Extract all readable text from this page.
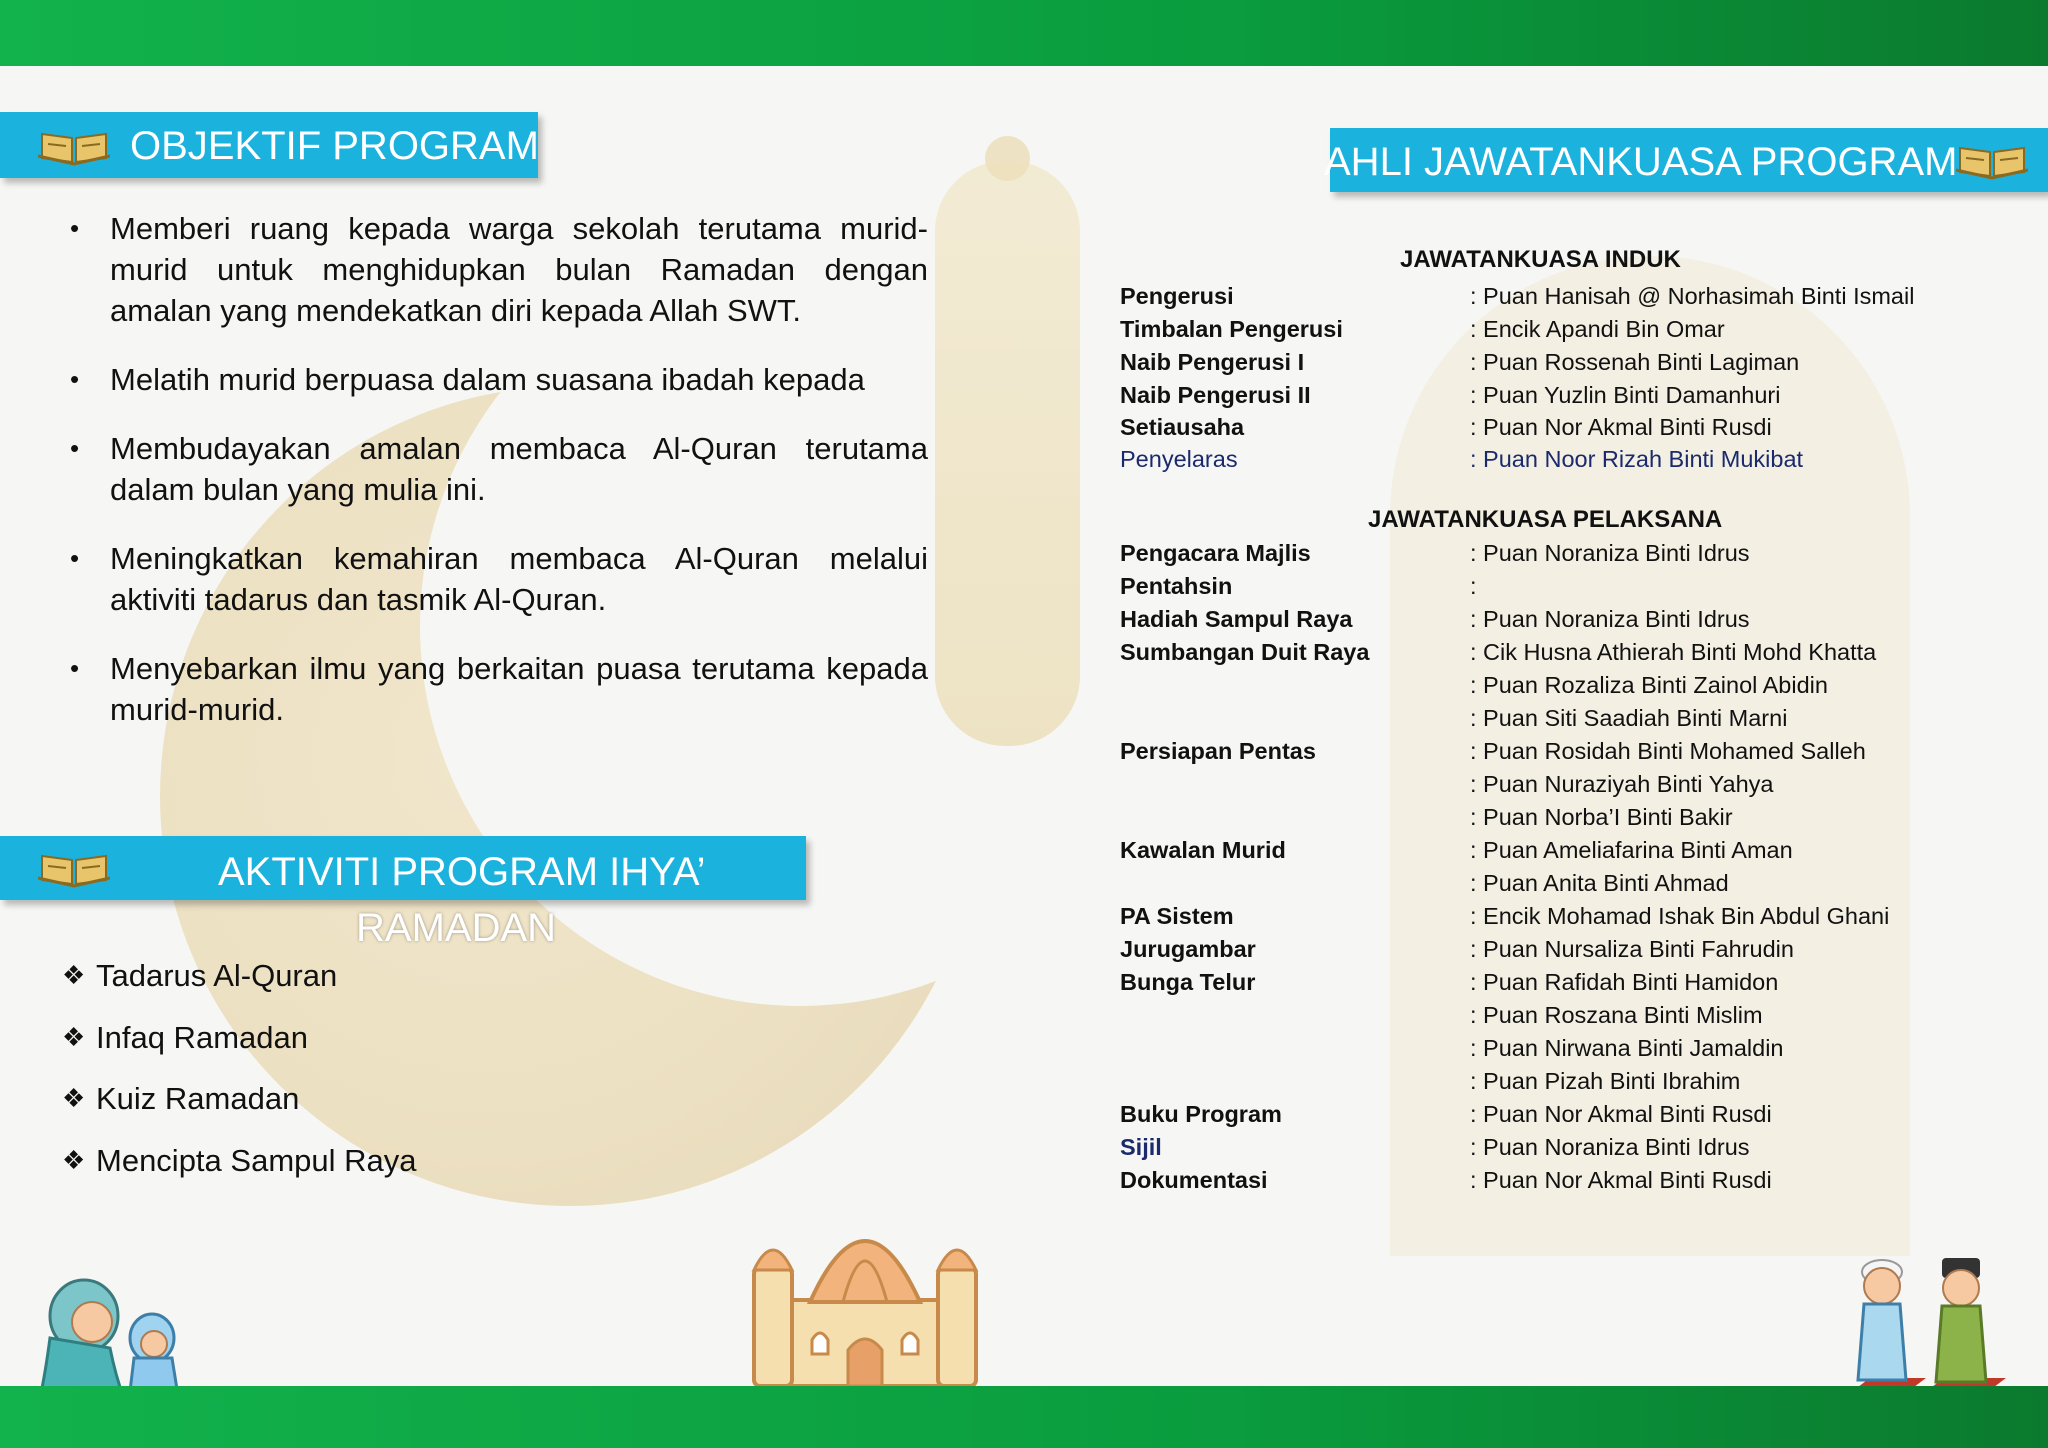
OBJEKTIF PROGRAM
• Memberi ruang kepada warga sekolah terutama murid-murid untuk menghidupkan bulan Ramadan dengan amalan yang mendekatkan diri kepada Allah SWT.
• Melatih murid berpuasa dalam suasana ibadah kepada
• Membudayakan amalan membaca Al-Quran terutama dalam bulan yang mulia ini.
• Meningkatkan kemahiran membaca Al-Quran melalui aktiviti tadarus dan tasmik Al-Quran.
• Menyebarkan ilmu yang berkaitan puasa terutama kepada murid-murid.
AKTIVITI PROGRAM IHYA’
RAMADAN
❖ Tadarus Al-Quran
❖ Infaq Ramadan
❖ Kuiz Ramadan
❖ Mencipta Sampul Raya
AHLI JAWATANKUASA PROGRAM
JAWATANKUASA INDUK
Pengerusi	: Puan Hanisah @ Norhasimah Binti Ismail
Timbalan Pengerusi	: Encik Apandi Bin Omar
Naib Pengerusi I	: Puan Rossenah Binti Lagiman
Naib Pengerusi II	: Puan Yuzlin Binti Damanhuri
Setiausaha	: Puan Nor Akmal Binti Rusdi
Penyelaras	: Puan Noor Rizah Binti Mukibat
JAWATANKUASA PELAKSANA
Pengacara Majlis	: Puan Noraniza Binti Idrus
Pentahsin	:
Hadiah Sampul Raya	: Puan Noraniza Binti Idrus
Sumbangan Duit Raya	: Cik Husna Athierah Binti Mohd Khatta
: Puan Rozaliza Binti Zainol Abidin
: Puan Siti Saadiah Binti Marni
Persiapan Pentas	: Puan Rosidah Binti Mohamed Salleh
: Puan Nuraziyah Binti Yahya
: Puan Norba’I Binti Bakir
Kawalan Murid	: Puan Ameliafarina Binti Aman
: Puan Anita Binti Ahmad
PA Sistem	: Encik Mohamad Ishak Bin Abdul Ghani
Jurugambar	: Puan Nursaliza Binti Fahrudin
Bunga Telur	: Puan Rafidah Binti Hamidon
: Puan Roszana Binti Mislim
: Puan Nirwana Binti Jamaldin
: Puan Pizah Binti Ibrahim
Buku Program	: Puan Nor Akmal Binti Rusdi
Sijil	: Puan Noraniza Binti Idrus
Dokumentasi	: Puan Nor Akmal Binti Rusdi
